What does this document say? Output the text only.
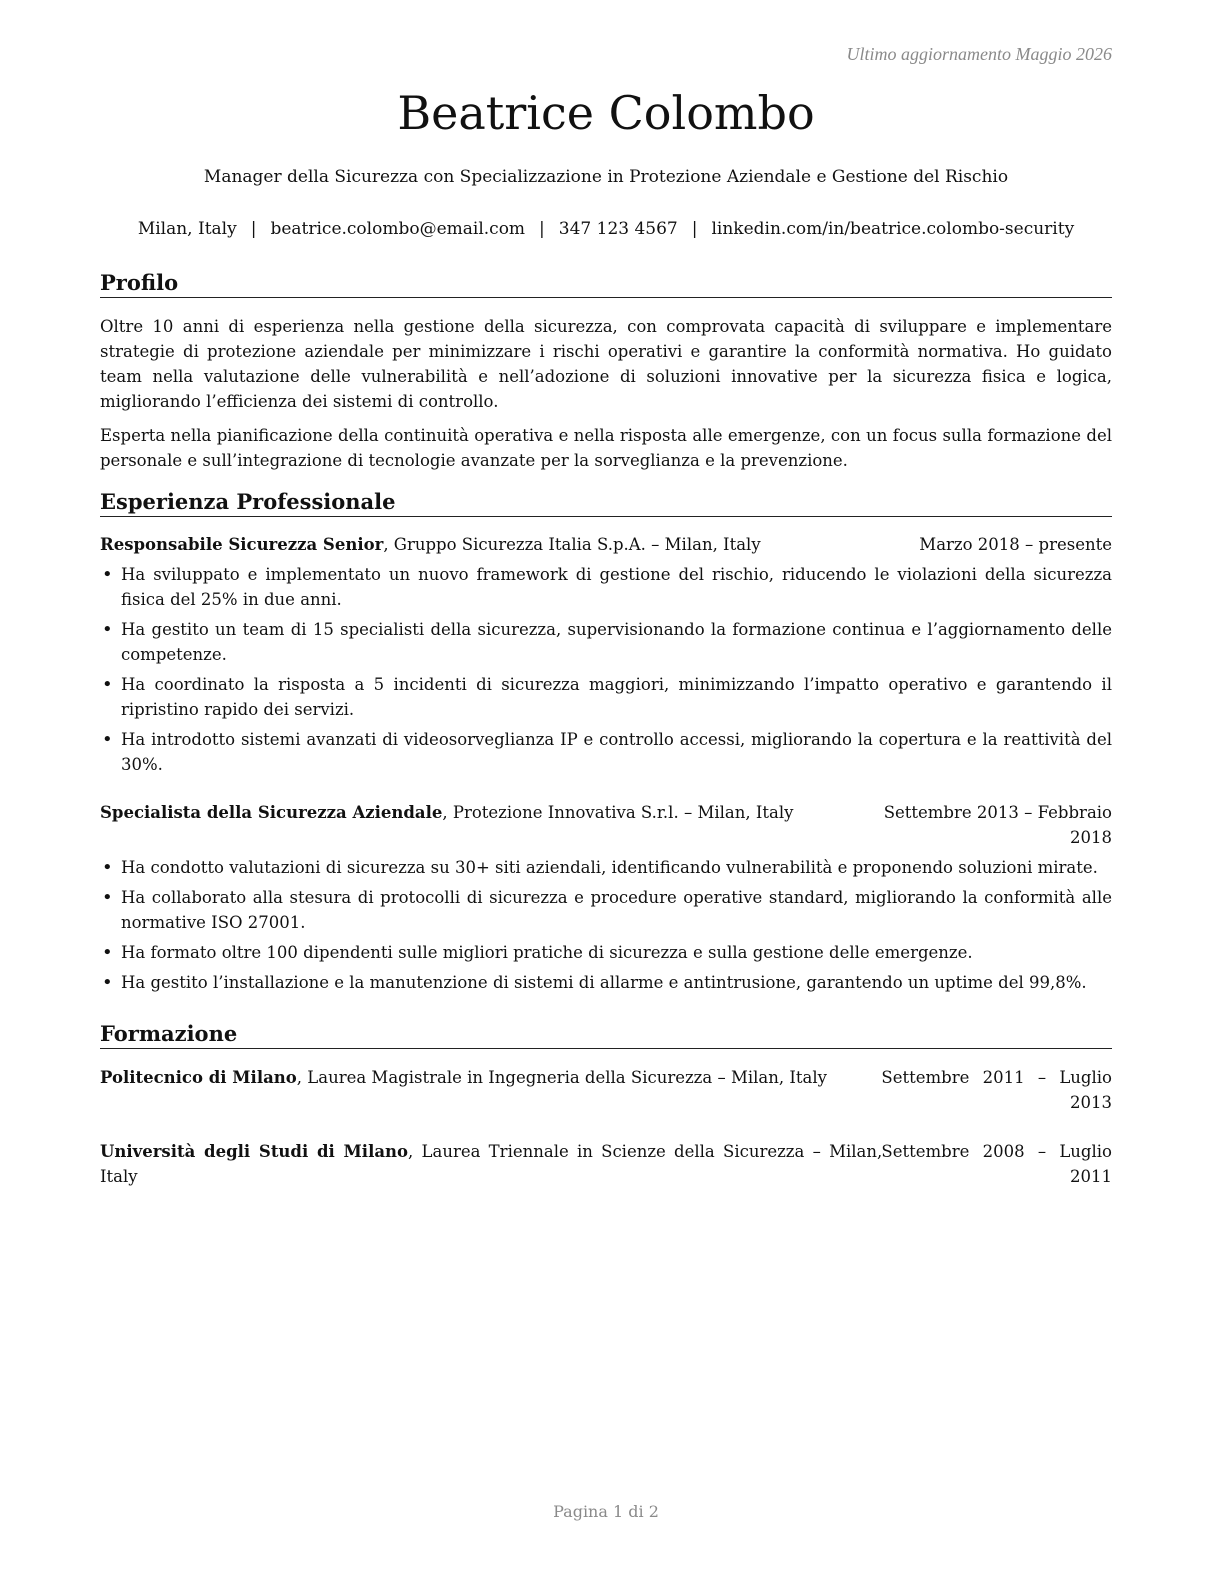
Ultimo aggiornamento Maggio 2026
Beatrice Colombo
Manager della Sicurezza con Specializzazione in Protezione Aziendale e Gestione del Rischio
Milan, Italy | beatrice.colombo@email.com | 347 123 4567 | linkedin.com/in/beatrice.colombo-security
Profilo
Oltre 10 anni di esperienza nella gestione della sicurezza, con comprovata capacità di sviluppare e implementare strategie di protezione aziendale per minimizzare i rischi operativi e garantire la conformità normativa. Ho guidato team nella valutazione delle vulnerabilità e nell’adozione di soluzioni innovative per la sicurezza fisica e logica, migliorando l’efficienza dei sistemi di controllo.
Esperta nella pianificazione della continuità operativa e nella risposta alle emergenze, con un focus sulla formazione del personale e sull’integrazione di tecnologie avanzate per la sorveglianza e la prevenzione.
Esperienza Professionale
Responsabile Sicurezza Senior, Gruppo Sicurezza Italia S.p.A. – Milan, Italy	Marzo 2018 – presente
• Ha sviluppato e implementato un nuovo framework di gestione del rischio, riducendo le violazioni della sicurezza fisica del 25% in due anni.
• Ha gestito un team di 15 specialisti della sicurezza, supervisionando la formazione continua e l’aggiornamento delle competenze.
• Ha coordinato la risposta a 5 incidenti di sicurezza maggiori, minimizzando l’impatto operativo e garantendo il ripristino rapido dei servizi.
• Ha introdotto sistemi avanzati di videosorveglianza IP e controllo accessi, migliorando la copertura e la reattività del 30%.
Specialista della Sicurezza Aziendale, Protezione Innovativa S.r.l. – Milan, Italy	Settembre 2013 – Febbraio
2018
• Ha condotto valutazioni di sicurezza su 30+ siti aziendali, identificando vulnerabilità e proponendo soluzioni mirate.
• Ha collaborato alla stesura di protocolli di sicurezza e procedure operative standard, migliorando la conformità alle normative ISO 27001.
• Ha formato oltre 100 dipendenti sulle migliori pratiche di sicurezza e sulla gestione delle emergenze.
• Ha gestito l’installazione e la manutenzione di sistemi di allarme e antintrusione, garantendo un uptime del 99,8%.
Formazione
Politecnico di Milano, Laurea Magistrale in Ingegneria della Sicurezza – Milan, Italy	Settembre 2011 – Luglio
2013
Università degli Studi di Milano, Laurea Triennale in Scienze della Sicurezza – Milan,
Italy
Settembre 2008 – Luglio
2011
Pagina 1 di 2
